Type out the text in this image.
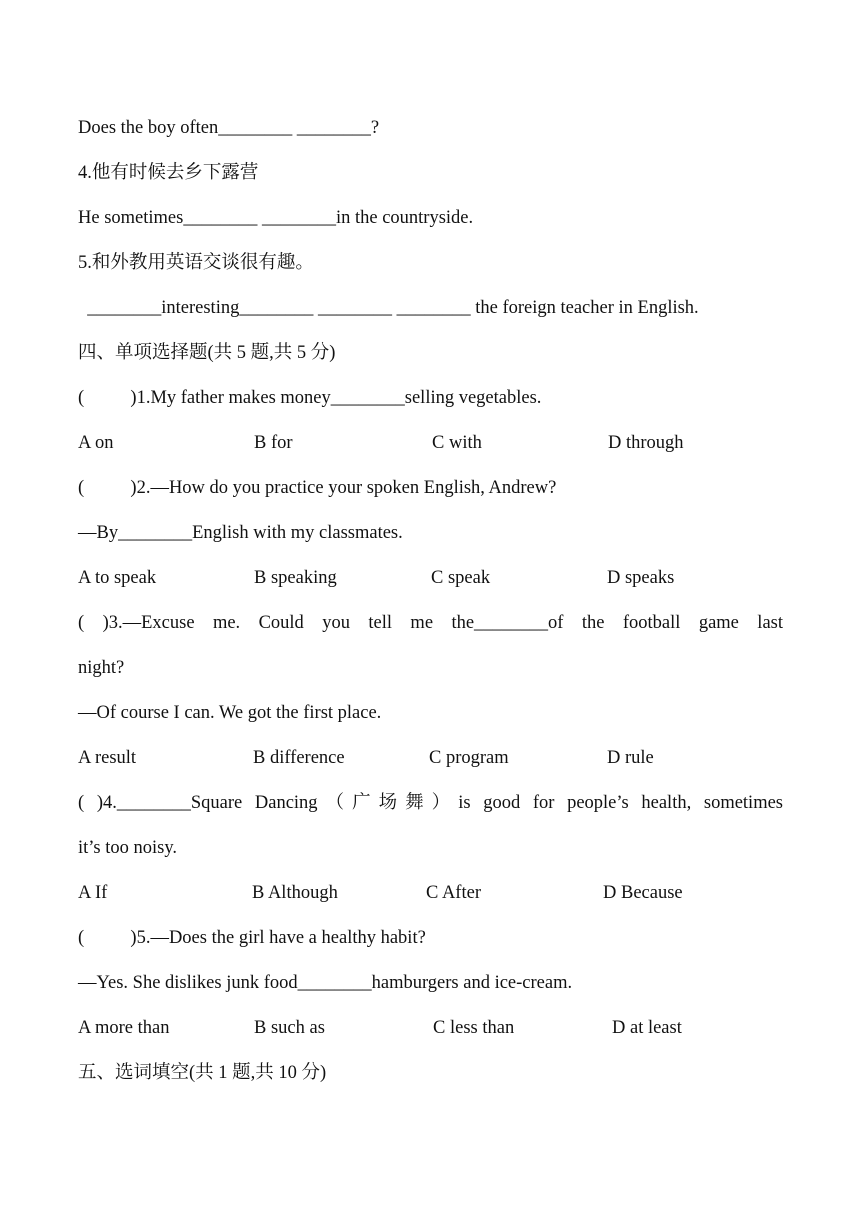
Does the boy often________ ________?
4.他有时候去乡下露营
He sometimes________ ________in the countryside.
5.和外教用英语交谈很有趣。
________interesting________ ________ ________ the foreign teacher in English.
四、单项选择题(共 5 题,共 5 分)
(          )1.My father makes money________selling vegetables.
A on	B for	C with	D through
(          )2.—How do you practice your spoken English, Andrew?
—By________English with my classmates.
A to speak	B speaking	C speak	D speaks
( )3.—Excuse me. Could you tell me the________of the football game last
night?
—Of course I can. We got the first place.
A result	B difference	C program	D rule
( )4.________Square Dancing（广场舞）is good for people’s health, sometimes
it’s too noisy.
A If	B Although	C After	D Because
(          )5.—Does the girl have a healthy habit?
—Yes. She dislikes junk food________hamburgers and ice-cream.
A more than	B such as	C less than	D at least
五、选词填空(共 1 题,共 10 分)
